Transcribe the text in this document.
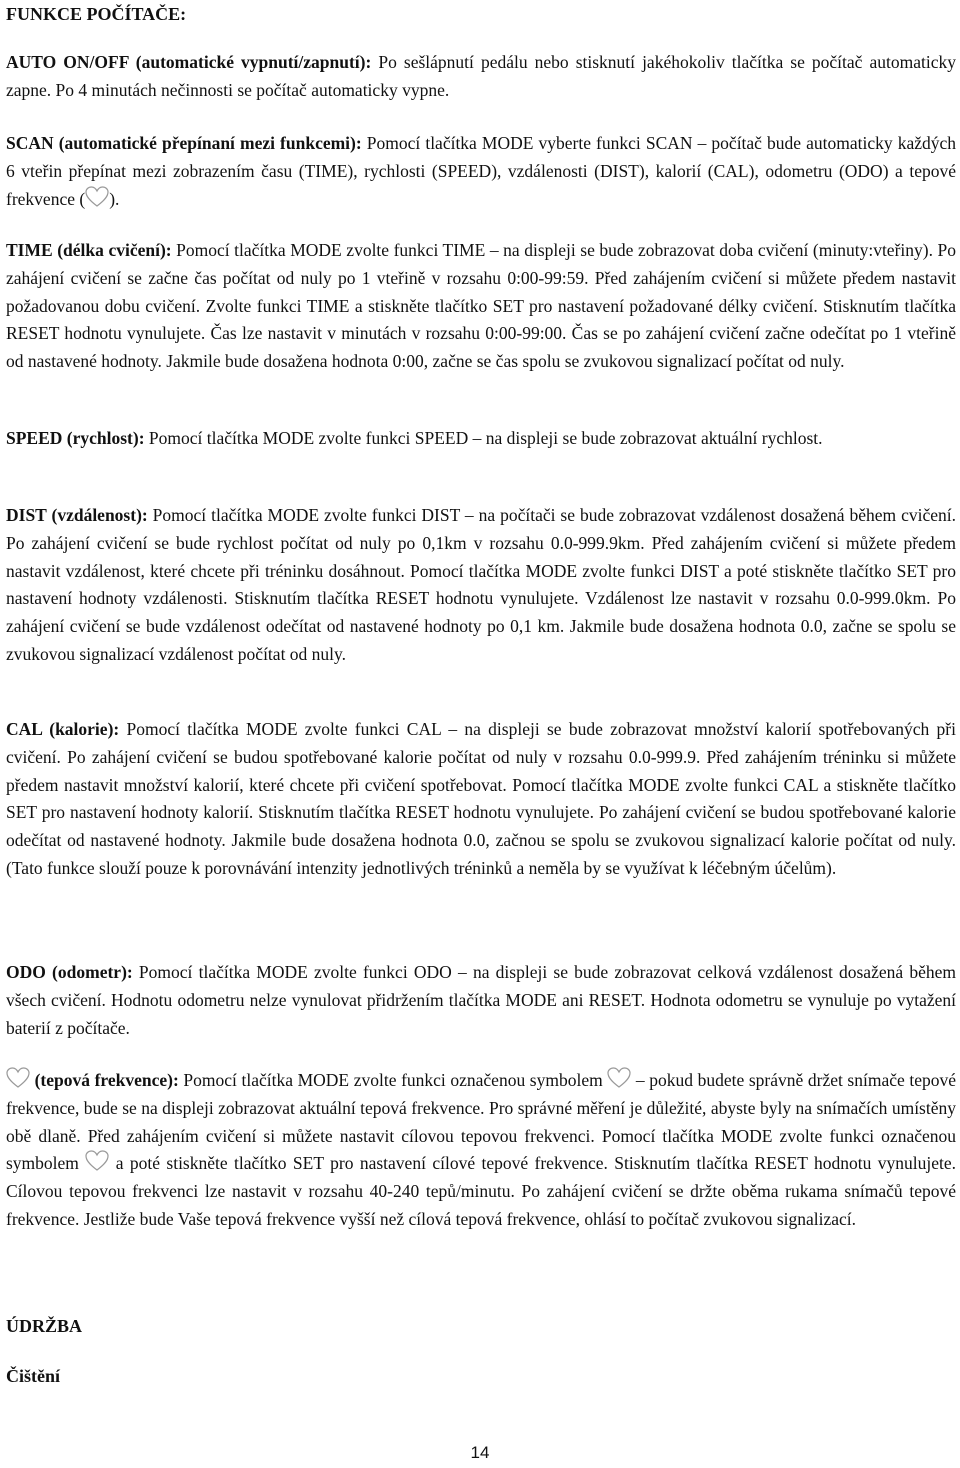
FUNKCE POČÍTAČE:

AUTO ON/OFF (automatické vypnutí/zapnutí): Po sešlápnutí pedálu nebo stisknutí jakéhokoliv tlačítka se počítač automaticky zapne. Po 4 minutách nečinnosti se počítač automaticky vypne.

SCAN (automatické přepínaní mezi funkcemi): Pomocí tlačítka MODE vyberte funkci SCAN – počítač bude automaticky každých 6 vteřin přepínat mezi zobrazením času (TIME), rychlosti (SPEED), vzdálenosti (DIST), kalorií (CAL), odometru (ODO) a tepové frekvence ( ).

TIME (délka cvičení): Pomocí tlačítka MODE zvolte funkci TIME – na displeji se bude zobrazovat doba cvičení (minuty:vteřiny). Po zahájení cvičení se začne čas počítat od nuly po 1 vteřině v rozsahu 0:00-99:59. Před zahájením cvičení si můžete předem nastavit požadovanou dobu cvičení. Zvolte funkci TIME a stiskněte tlačítko SET pro nastavení požadované délky cvičení. Stisknutím tlačítka RESET hodnotu vynulujete. Čas lze nastavit v minutách v rozsahu 0:00-99:00. Čas se po zahájení cvičení začne odečítat po 1 vteřině od nastavené hodnoty. Jakmile bude dosažena hodnota 0:00, začne se čas spolu se zvukovou signalizací počítat od nuly.

SPEED (rychlost): Pomocí tlačítka MODE zvolte funkci SPEED – na displeji se bude zobrazovat aktuální rychlost.

DIST (vzdálenost): Pomocí tlačítka MODE zvolte funkci DIST – na počítači se bude zobrazovat vzdálenost dosažená během cvičení. Po zahájení cvičení se bude rychlost počítat od nuly po 0,1km v rozsahu 0.0-999.9km. Před zahájením cvičení si můžete předem nastavit vzdálenost, které chcete při tréninku dosáhnout. Pomocí tlačítka MODE zvolte funkci DIST a poté stiskněte tlačítko SET pro nastavení hodnoty vzdálenosti. Stisknutím tlačítka RESET hodnotu vynulujete. Vzdálenost lze nastavit v rozsahu 0.0-999.0km. Po zahájení cvičení se bude vzdálenost odečítat od nastavené hodnoty po 0,1 km. Jakmile bude dosažena hodnota 0.0, začne se spolu se zvukovou signalizací vzdálenost počítat od nuly.

CAL (kalorie): Pomocí tlačítka MODE zvolte funkci CAL – na displeji se bude zobrazovat množství kalorií spotřebovaných při cvičení. Po zahájení cvičení se budou spotřebované kalorie počítat od nuly v rozsahu 0.0-999.9. Před zahájením tréninku si můžete předem nastavit množství kalorií, které chcete při cvičení spotřebovat. Pomocí tlačítka MODE zvolte funkci CAL a stiskněte tlačítko SET pro nastavení hodnoty kalorií. Stisknutím tlačítka RESET hodnotu vynulujete. Po zahájení cvičení se budou spotřebované kalorie odečítat od nastavené hodnoty. Jakmile bude dosažena hodnota 0.0, začnou se spolu se zvukovou signalizací kalorie počítat od nuly. (Tato funkce slouží pouze k porovnávání intenzity jednotlivých tréninků a neměla by se využívat k léčebným účelům).

ODO (odometr): Pomocí tlačítka MODE zvolte funkci ODO – na displeji se bude zobrazovat celková vzdálenost dosažená během všech cvičení. Hodnotu odometru nelze vynulovat přidržením tlačítka MODE ani RESET. Hodnota odometru se vynuluje po vytažení baterií z počítače.

(tepová frekvence): Pomocí tlačítka MODE zvolte funkci označenou symbolem
– pokud budete správně držet snímače tepové frekvence, bude se na displeji zobrazovat aktuální tepová frekvence. Pro správné měření je důležité, abyste byly na snímačích umístěny obě dlaně. Před zahájením cvičení si můžete nastavit cílovou tepovou frekvenci. Pomocí tlačítka MODE zvolte funkci označenou symbolem
a poté stiskněte tlačítko SET pro nastavení cílové tepové frekvence. Stisknutím tlačítka RESET hodnotu vynulujete. Cílovou tepovou frekvenci lze nastavit v rozsahu 40-240 tepů/minutu. Po zahájení cvičení se držte oběma rukama snímačů tepové frekvence. Jestliže bude Vaše tepová frekvence vyšší než cílová tepová frekvence, ohlásí to počítač zvukovou signalizací.

ÚDRŽBA
Čištění
14
